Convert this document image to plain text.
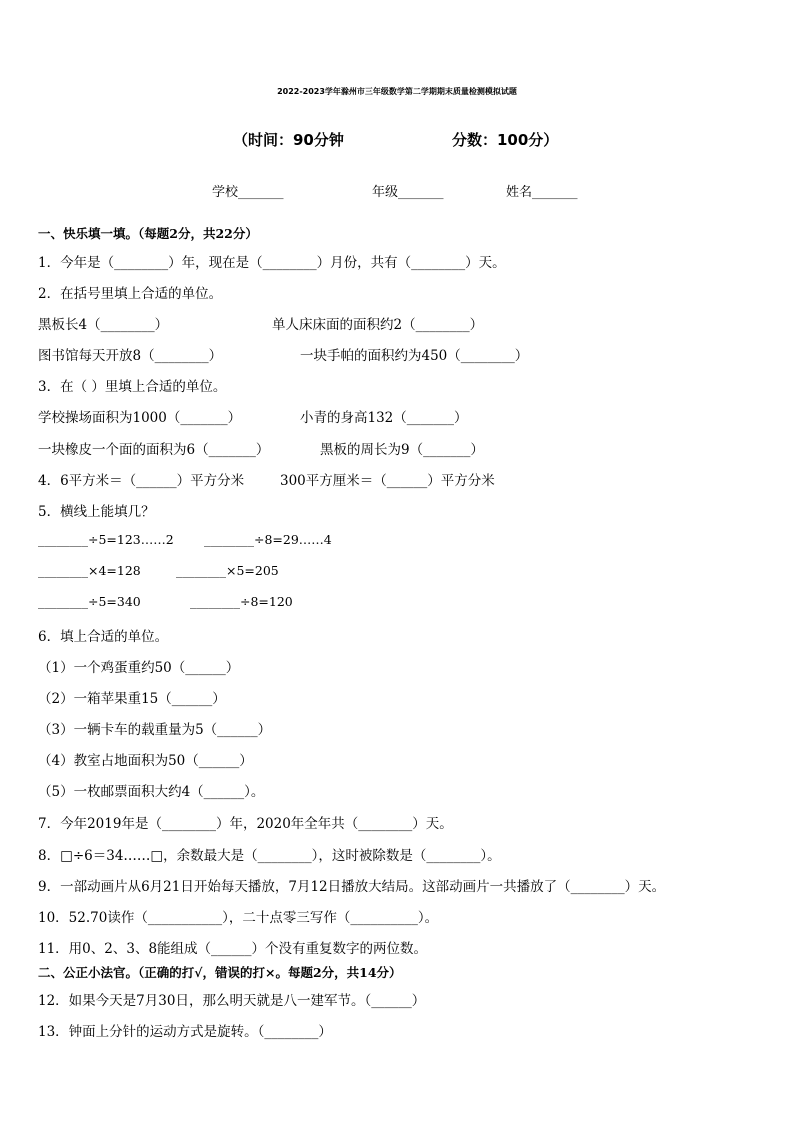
2022-2023学年滁州市三年级数学第二学期期末质量检测模拟试题
（时间：90分钟	分数：100分）
学校_______	年级_______	姓名_______
一、快乐填一填。（每题2分，共22分）
1．今年是（________）年，现在是（________）月份，共有（________）天。
2．在括号里填上合适的单位。
黑板长4（________）	单人床床面的面积约2（________）
图书馆每天开放8（________）	一块手帕的面积约为450（________）
3．在（ ）里填上合适的单位。
学校操场面积为1000（_______）	小青的身高132（_______）
一块橡皮一个面的面积为6（_______）	黑板的周长为9（_______）
4．6平方米＝（______）平方分米	300平方厘米＝（______）平方分米
5．横线上能填几？
________÷5=123……2 ________÷8=29……4
________×4=128	________×5=205
________÷5=340	________÷8=120
6．填上合适的单位。
（1）一个鸡蛋重约50（______）
（2）一箱苹果重15（______）
（3）一辆卡车的载重量为5（______）
（4）教室占地面积为50（______）
（5）一枚邮票面积大约4（______）。
7．今年2019年是（________）年，2020年全年共（________）天。
8．□÷6＝34……□，余数最大是（________），这时被除数是（________）。
9．一部动画片从6月21日开始每天播放，7月12日播放大结局。这部动画片一共播放了（________）天。
10．52.70读作（___________），二十点零三写作（__________）。
11．用0、2、3、8能组成（______）个没有重复数字的两位数。
二、公正小法官。（正确的打√，错误的打×。每题2分，共14分）
12．如果今天是7月30日，那么明天就是八一建军节。（______）
13．钟面上分针的运动方式是旋转。（________）
